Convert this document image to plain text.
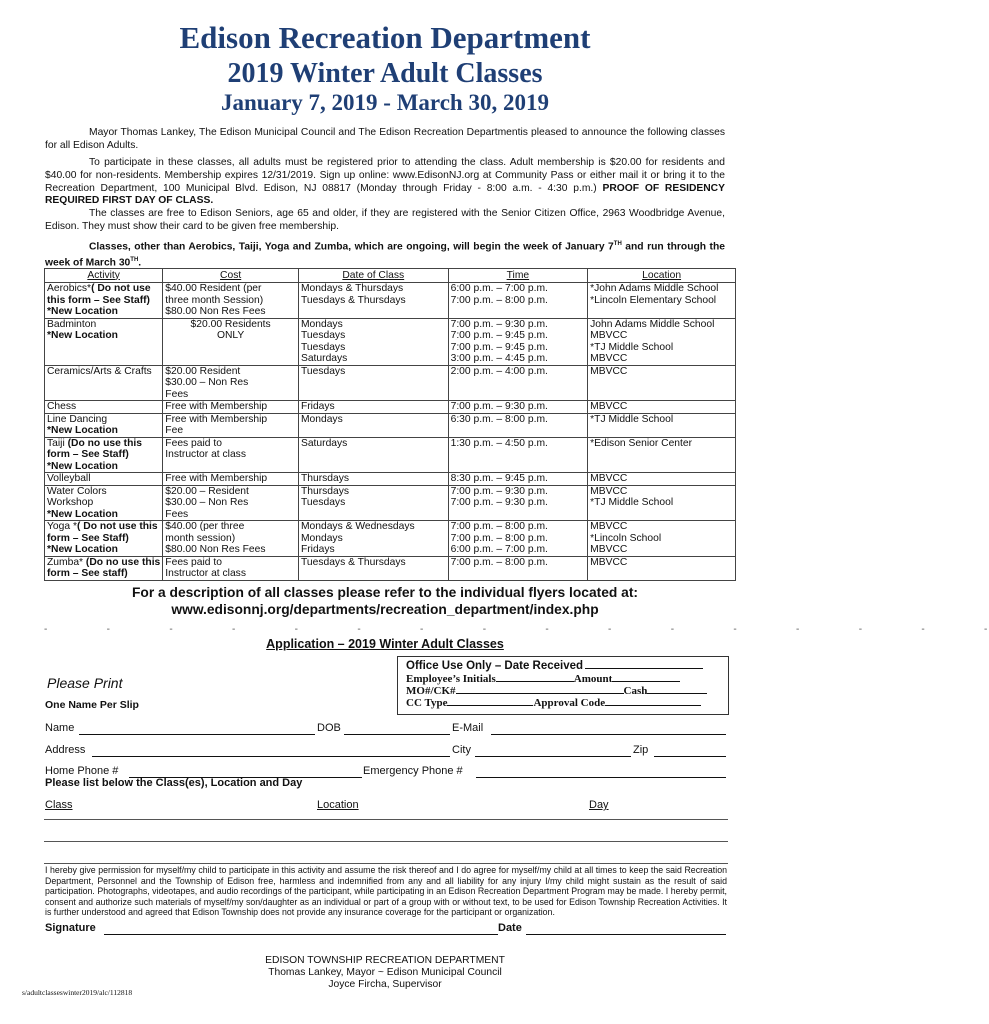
Edison Recreation Department
2019 Winter Adult Classes
January 7, 2019 - March 30, 2019

Mayor Thomas Lankey, The Edison Municipal Council and The Edison Recreation Departmentis pleased to announce the following classes for all Edison Adults.

To participate in these classes, all adults must be registered prior to attending the class. Adult membership is $20.00 for residents and $40.00 for non-residents. Membership expires 12/31/2019. Sign up online: www.EdisonNJ.org at Community Pass or either mail it or bring it to the Recreation Department, 100 Municipal Blvd. Edison, NJ 08817 (Monday through Friday - 8:00 a.m. - 4:30 p.m.) PROOF OF RESIDENCY REQUIRED FIRST DAY OF CLASS.

The classes are free to Edison Seniors, age 65 and older, if they are registered with the Senior Citizen Office, 2963 Woodbridge Avenue, Edison. They must show their card to be given free membership.

Classes, other than Aerobics, Taiji, Yoga and Zumba, which are ongoing, will begin the week of January 7TH and run through the week of March 30TH.

Activity	Cost	Date of Class	Time	Location

Aerobics*( Do not use
this form – See Staff)
*New Location	$40.00 Resident (per
three month Session)
$80.00 Non Res Fees	Mondays & Thursdays
Tuesdays & Thursdays	6:00 p.m. – 7:00 p.m.
7:00 p.m. – 8:00 p.m.	*John Adams Middle School
*Lincoln Elementary School

Badminton
*New Location	$20.00 Residents
ONLY	Mondays
Tuesdays
Tuesdays
Saturdays	7:00 p.m. – 9:30 p.m.
7:00 p.m. – 9:45 p.m.
7:00 p.m. – 9:45 p.m.
3:00 p.m. – 4:45 p.m.	John Adams Middle School
MBVCC
*TJ Middle School
MBVCC

Ceramics/Arts & Crafts	$20.00 Resident
$30.00 – Non Res
Fees	Tuesdays	2:00 p.m. – 4:00 p.m.	MBVCC

Chess	Free with Membership	Fridays	7:00 p.m. – 9:30 p.m.	MBVCC

Line Dancing
*New Location	Free with Membership
Fee	Mondays	6:30 p.m. – 8:00 p.m.	*TJ Middle School

Taiji (Do no use this
form – See Staff)
*New Location	Fees paid to
Instructor at class	Saturdays	1:30 p.m. – 4:50 p.m.	*Edison Senior Center

Volleyball	Free with Membership	Thursdays	8:30 p.m. – 9:45 p.m.	MBVCC

Water Colors
Workshop
*New Location	$20.00 – Resident
$30.00 – Non Res
Fees	Thursdays
Tuesdays	7:00 p.m. – 9:30 p.m.
7:00 p.m. – 9:30 p.m.	MBVCC
*TJ Middle School

Yoga *( Do not use this
form – See Staff)
*New Location	$40.00 (per three
month session)
$80.00 Non Res Fees	Mondays & Wednesdays
Mondays
Fridays	7:00 p.m. – 8:00 p.m.
7:00 p.m. – 8:00 p.m.
6:00 p.m. – 7:00 p.m.	MBVCC
*Lincoln School
MBVCC

Zumba* (Do no use this
form – See staff)	Fees paid to
Instructor at class	Tuesdays & Thursdays	7:00 p.m. – 8:00 p.m.	MBVCC
For a description of all classes please refer to the individual flyers located at:
www.edisonnj.org/departments/recreation_department/index.php
-            -            -            -            -            -            -            -            -            -            -            -            -            -            -            -
Application – 2019 Winter Adult Classes
Office Use Only – Date Received
Employee’s Initials	Amount
MO#/CK#	Cash
CC Type	Approval Code
Please Print
One Name Per Slip
Name	DOB	E-Mail
Address	City	Zip
Home Phone #	Emergency Phone #
Please list below the Class(es), Location and Day
Class	Location	Day

I hereby give permission for myself/my child to participate in this activity and assume the risk thereof and I do agree for myself/my child at all times to keep the said Recreation Department, Personnel and the Township of Edison free, harmless and indemnified from any and all liability for any injury I/my child might sustain as the result of said participation. Photographs, videotapes, and audio recordings of the participant, while participating in an Edison Recreation Department Program may be made. I hereby permit, consent and authorize such materials of myself/my son/daughter as an individual or part of a group with or without text, to be used for Edison Township Recreation Activities. It is further understood and agreed that Edison Township does not provide any insurance coverage for the participant or organization.

Signature	Date
EDISON TOWNSHIP RECREATION DEPARTMENT
Thomas Lankey, Mayor ~ Edison Municipal Council
Joyce Fircha, Supervisor
s/adultclasseswinter2019/alc/112818
